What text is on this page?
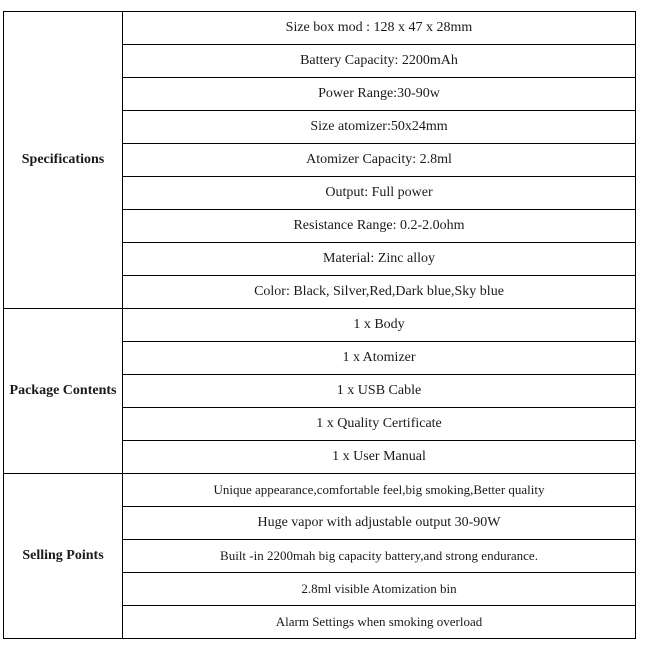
Specifications	Size box mod : 128 x 47 x 28mm
	Battery Capacity: 2200mAh
	Power Range:30-90w
	Size atomizer:50x24mm
	Atomizer Capacity: 2.8ml
	Output: Full power
	Resistance Range: 0.2-2.0ohm
	Material: Zinc alloy
	Color: Black, Silver,Red,Dark blue,Sky blue
Package Contents	1 x Body
	1 x Atomizer
	1 x USB Cable
	1 x Quality Certificate
	1 x User Manual
Selling Points	Unique appearance,comfortable feel,big smoking,Better quality
	Huge vapor with adjustable output 30-90W
	Built -in 2200mah big capacity battery,and strong endurance.
	2.8ml visible Atomization bin
	Alarm Settings when smoking overload
